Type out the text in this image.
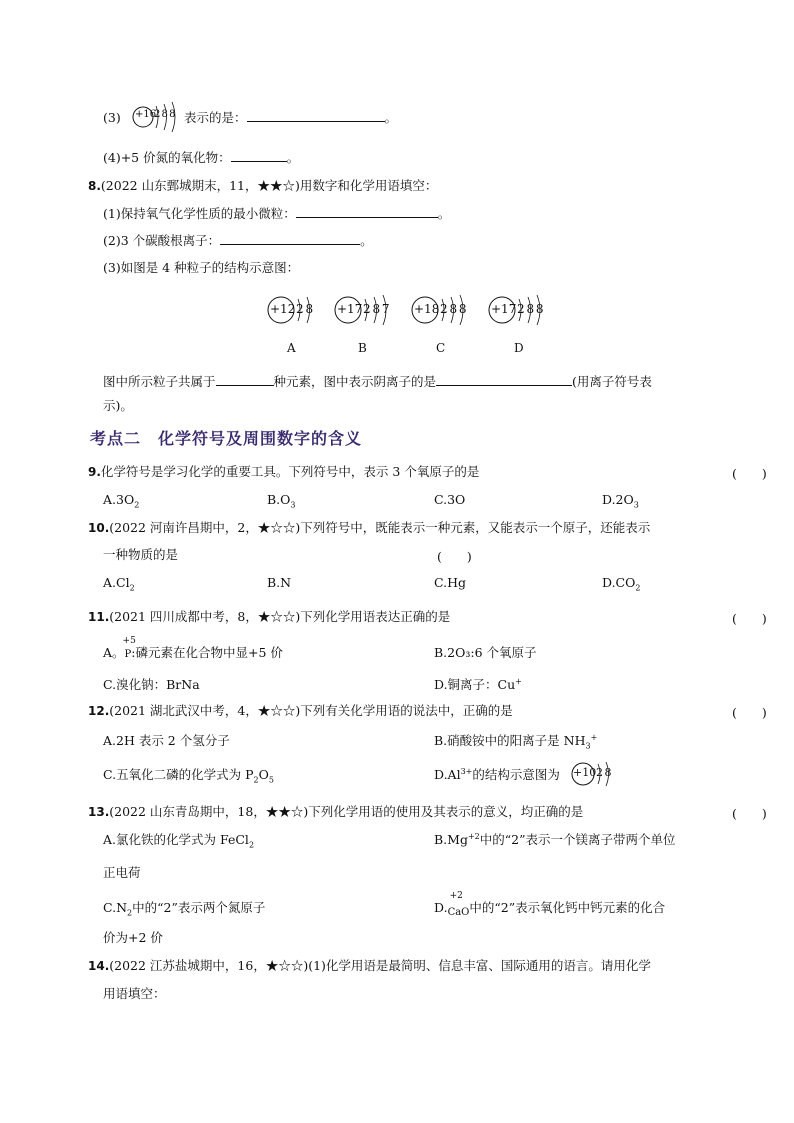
(3) +16
2 8 8 表示的是：	。
(4)+5 价氮的氧化物：	。
8.(2022 山东鄄城期末，11，★★☆)用数字和化学用语填空：
(1)保持氧气化学性质的最小微粒：	。
(2)3 个碳酸根离子：	。
(3)如图是 4 种粒子的结构示意图：
+12 2 8 +17 2 8 7 +18 2 8 8 +17 2 8 8
A	B	C	D
图中所示粒子共属于	种元素，图中表示阴离子的是	(用离子符号表
示)。
考点二　化学符号及周围数字的含义
9.化学符号是学习化学的重要工具。下列符号中，表示 3 个氧原子的是	(　　)
$A.3O_2$	$B.O_3$	C.3O	$D.2O_3$
10.(2022 河南许昌期中，2，★☆☆)下列符号中，既能表示一种元素，又能表示一个原子，还能表示
一种物质的是	(　　)
$A.Cl_2$	B.N	C.Hg	$D.CO_2$
11.(2021 四川成都中考，8，★☆☆)下列化学用语表达正确的是	(　　)
A。
+5
P:磷元素在化合物中显+5 价	B.2O₃:6 个氧原子
C.溴化钠：BrNa	D.铜离子：Cu+
12.(2021 湖北武汉中考，4，★☆☆)下列有关化学用语的说法中，正确的是	(　　)
A.2H 表示 2 个氢分子	B.硝酸铵中的阳离子是 $NH_3^+$
C.五氧化二磷的化学式为 $P_2O_5$	$D.Al^{3+}$的结构示意图为 +10 2 8
13.(2022 山东青岛期中，18，★★☆)下列化学用语的使用及其表示的意义，均正确的是	(　　)
A.氯化铁的化学式为 FeCl$_2$	$B.Mg^{+2}$中的“2”表示一个镁离子带两个单位
正电荷
$C.N_2$中的“2”表示两个氮原子	D.
+2
$_{CaO}$中的“2”表示氧化钙中钙元素的化合
价为+2 价
14.(2022 江苏盐城期中，16，★☆☆)(1)化学用语是最简明、信息丰富、国际通用的语言。请用化学
用语填空：
